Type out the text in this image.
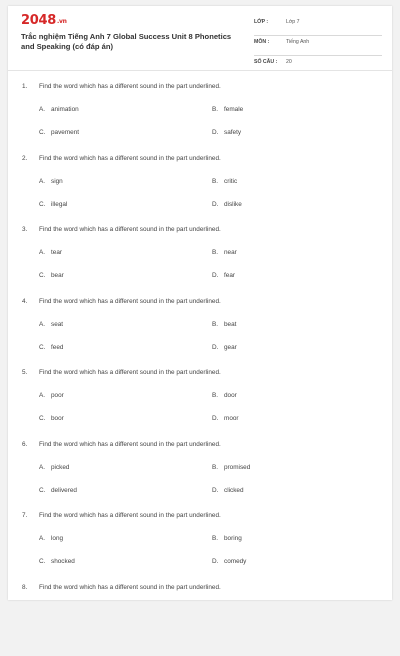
2048.vn
Trắc nghiệm Tiếng Anh 7 Global Success Unit 8 Phonetics and Speaking (có đáp án)
LỚP :	Lớp 7
MÔN :	Tiếng Anh
SỐ CÂU : 20
1. Find the word which has a different sound in the part underlined.
A. animation	B. female
C. pavement	D. safety
2. Find the word which has a different sound in the part underlined.
A. sign	B. critic
C. illegal	D. dislike
3. Find the word which has a different sound in the part underlined.
A. tear	B. near
C. bear	D. fear
4. Find the word which has a different sound in the part underlined.
A. seat	B. beat
C. feed	D. gear
5. Find the word which has a different sound in the part underlined.
A. poor	B. door
C. boor	D. moor
6. Find the word which has a different sound in the part underlined.
A. picked	B. promised
C. delivered	D. clicked
7. Find the word which has a different sound in the part underlined.
A. long	B. boring
C. shocked	D. comedy
8. Find the word which has a different sound in the part underlined.
